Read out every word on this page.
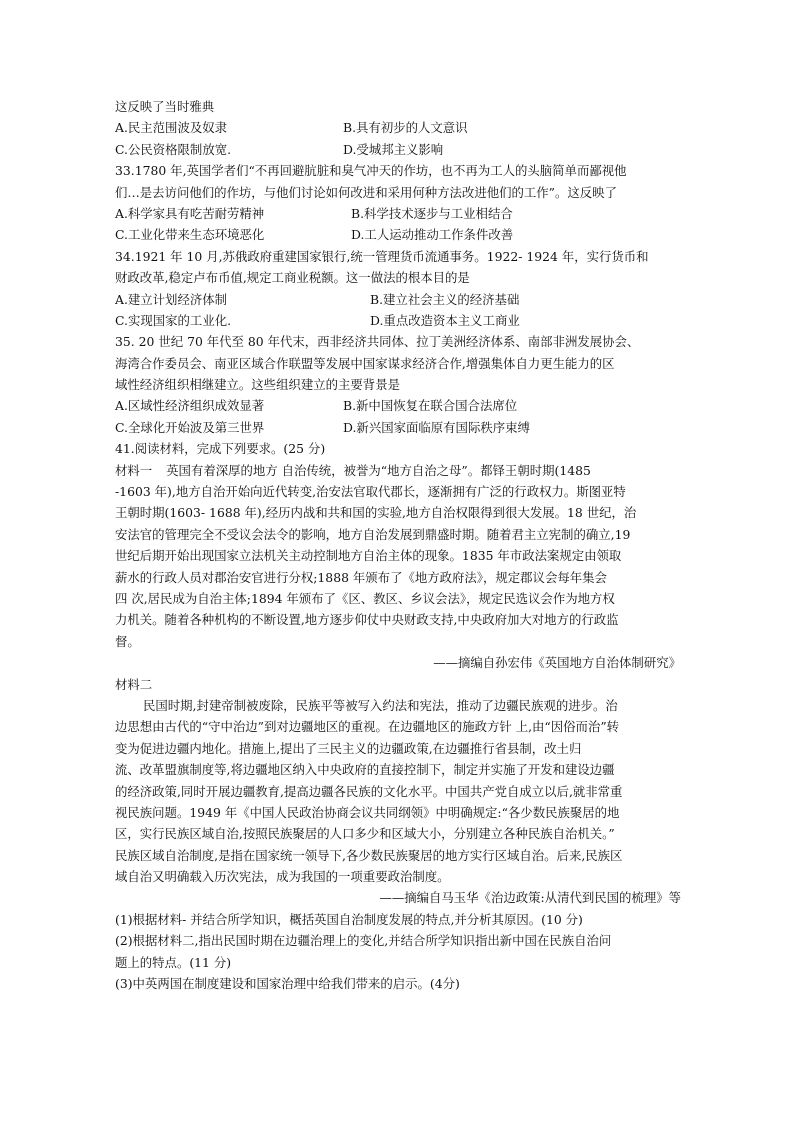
这反映了当时雅典
A.民主范围波及奴隶	B.具有初步的人文意识
C.公民资格限制放宽.	D.受城邦主义影响
33.1780 年,英国学者们“不再回避肮脏和臭气冲天的作坊，也不再为工人的头脑简单而鄙视他
们…是去访问他们的作坊，与他们讨论如何改进和采用何种方法改进他们的工作”。这反映了
A.科学家具有吃苦耐劳精神	B.科学技术逐步与工业相结合
C.工业化带来生态环境恶化	D.工人运动推动工作条件改善
34.1921 年 10 月,苏俄政府重建国家银行,统一管理货币流通事务。1922- 1924 年，实行货币和
财政改革,稳定卢布币值,规定工商业税额。这一做法的根本目的是
A.建立计划经济体制	B.建立社会主义的经济基础
C.实现国家的工业化.	D.重点改造资本主义工商业
35. 20 世纪 70 年代至 80 年代末，西非经济共同体、拉丁美洲经济体系、南部非洲发展协会、
海湾合作委员会、南亚区域合作联盟等发展中国家谋求经济合作,增强集体自力更生能力的区
域性经济组织相继建立。这些组织建立的主要背景是
A.区域性经济组织成效显著	B.新中国恢复在联合国合法席位
C.全球化开始波及第三世界	D.新兴国家面临原有国际秩序束缚
41.阅读材料，完成下列要求。(25 分)
材料一 英国有着深厚的地方 自治传统，被誉为“地方自治之母”。都铎王朝时期(1485
-1603 年),地方自治开始向近代转变,治安法官取代郡长，逐渐拥有广泛的行政权力。斯图亚特
王朝时期(1603- 1688 年),经历内战和共和国的实验,地方自治权限得到很大发展。18 世纪，治
安法官的管理完全不受议会法令的影响，地方自治发展到鼎盛时期。随着君主立宪制的确立,19
世纪后期开始出现国家立法机关主动控制地方自治主体的现象。1835 年市政法案规定由领取
薪水的行政人员对郡治安官进行分权;1888 年颁布了《地方政府法》，规定郡议会每年集会
四 次,居民成为自治主体;1894 年颁布了《区、教区、乡议会法》，规定民选议会作为地方权
力机关。随着各种机构的不断设置,地方逐步仰仗中央财政支持,中央政府加大对地方的行政监
督。
——摘编自孙宏伟《英国地方自治体制研究》
材料二
民国时期,封建帝制被废除，民族平等被写入约法和宪法，推动了边疆民族观的进步。治
边思想由古代的“守中治边”到对边疆地区的重视。在边疆地区的施政方针 上,由“因俗而治”转
变为促进边疆内地化。措施上,提出了三民主义的边疆政策,在边疆推行省县制，改土归
流、改革盟旗制度等,将边疆地区纳入中央政府的直接控制下，制定并实施了开发和建设边疆
的经济政策,同时开展边疆教育,提高边疆各民族的文化水平。中国共产党自成立以后,就非常重
视民族问题。1949 年《中国人民政治协商会议共同纲领》中明确规定:“各少数民族聚居的地
区，实行民族区域自治,按照民族聚居的人口多少和区域大小，分别建立各种民族自治机关。”
民族区域自治制度,是指在国家统一领导下,各少数民族聚居的地方实行区域自治。后来,民族区
域自治又明确载入历次宪法，成为我国的一项重要政治制度。
——摘编自马玉华《治边政策:从清代到民国的梳理》等
(1)根据材料- 并结合所学知识，概括英国自治制度发展的特点,并分析其原因。(10 分)
(2)根据材料二,指出民国时期在边疆治理上的变化,并结合所学知识指出新中国在民族自治问
题上的特点。(11 分)
(3)中英两国在制度建设和国家治理中给我们带来的启示。(4分)
